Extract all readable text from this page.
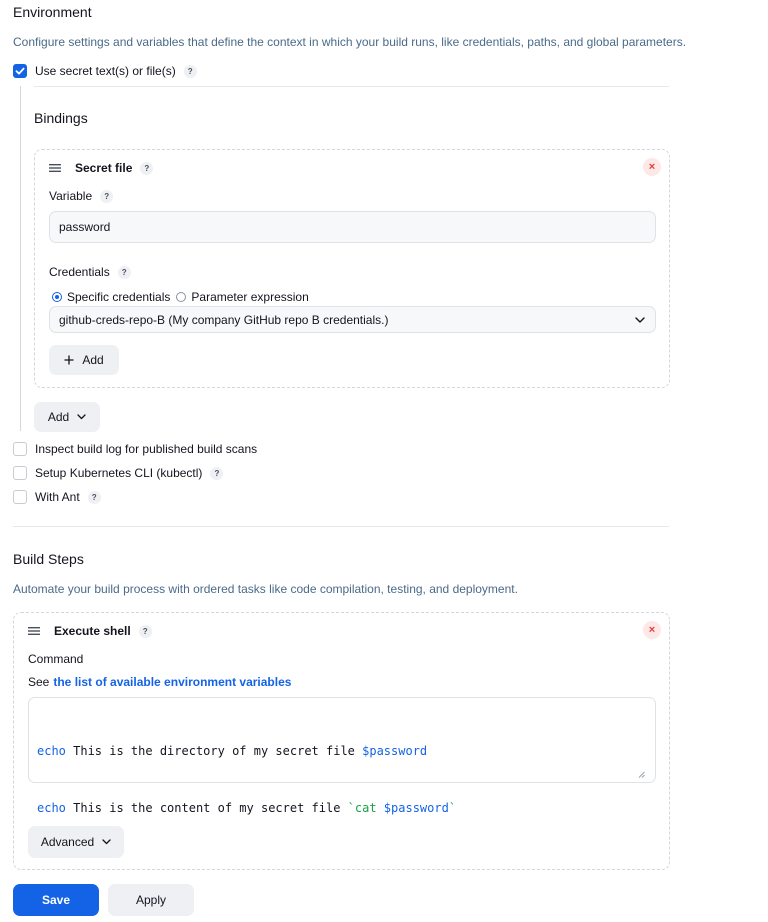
Environment
Configure settings and variables that define the context in which your build runs, like credentials, paths, and global parameters.
Use secret text(s) or file(s)	?
Bindings
Secret file	?	×
Variable	?
password
Credentials	?
Specific credentials Parameter expression
github-creds-repo-B (My company GitHub repo B credentials.)
Add
Add
Inspect build log for published build scans
Setup Kubernetes CLI (kubectl)	?
With Ant	?
Build Steps
Automate your build process with ordered tasks like code compilation, testing, and deployment.
Execute shell	?	×
Command
See the list of available environment variables

echo This is the directory of my secret file $password

echo This is the content of my secret file `cat $password`

Advanced
Save	Apply
